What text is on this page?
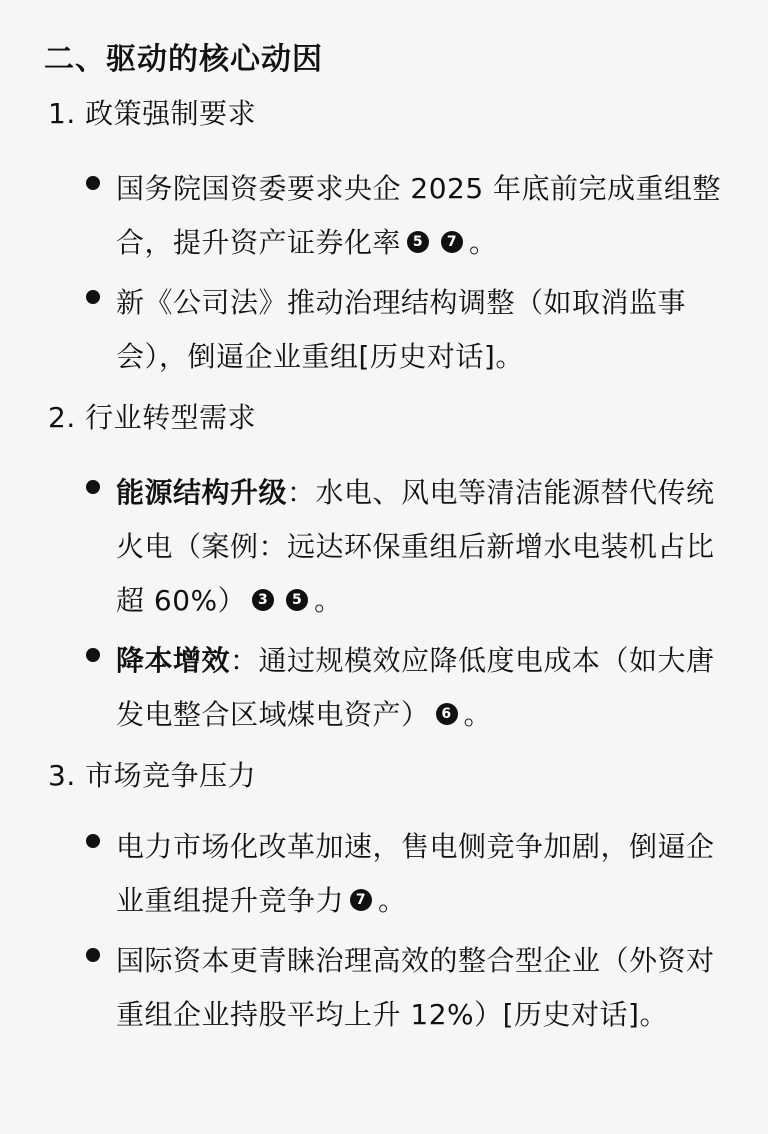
二、驱动的核心动因
1. 政策强制要求
国务院国资委要求央企 2025 年底前完成重组整合，提升资产证券化率 5 7 。
新《公司法》推动治理结构调整（如取消监事会），倒逼企业重组[历史对话]。
2. 行业转型需求
能源结构升级：水电、风电等清洁能源替代传统火电（案例：远达环保重组后新增水电装机占比超 60%） 3 5 。
降本增效：通过规模效应降低度电成本（如大唐发电整合区域煤电资产） 6 。
3. 市场竞争压力
电力市场化改革加速，售电侧竞争加剧，倒逼企业重组提升竞争力 7 。
国际资本更青睐治理高效的整合型企业（外资对重组企业持股平均上升 12%）[历史对话]。
